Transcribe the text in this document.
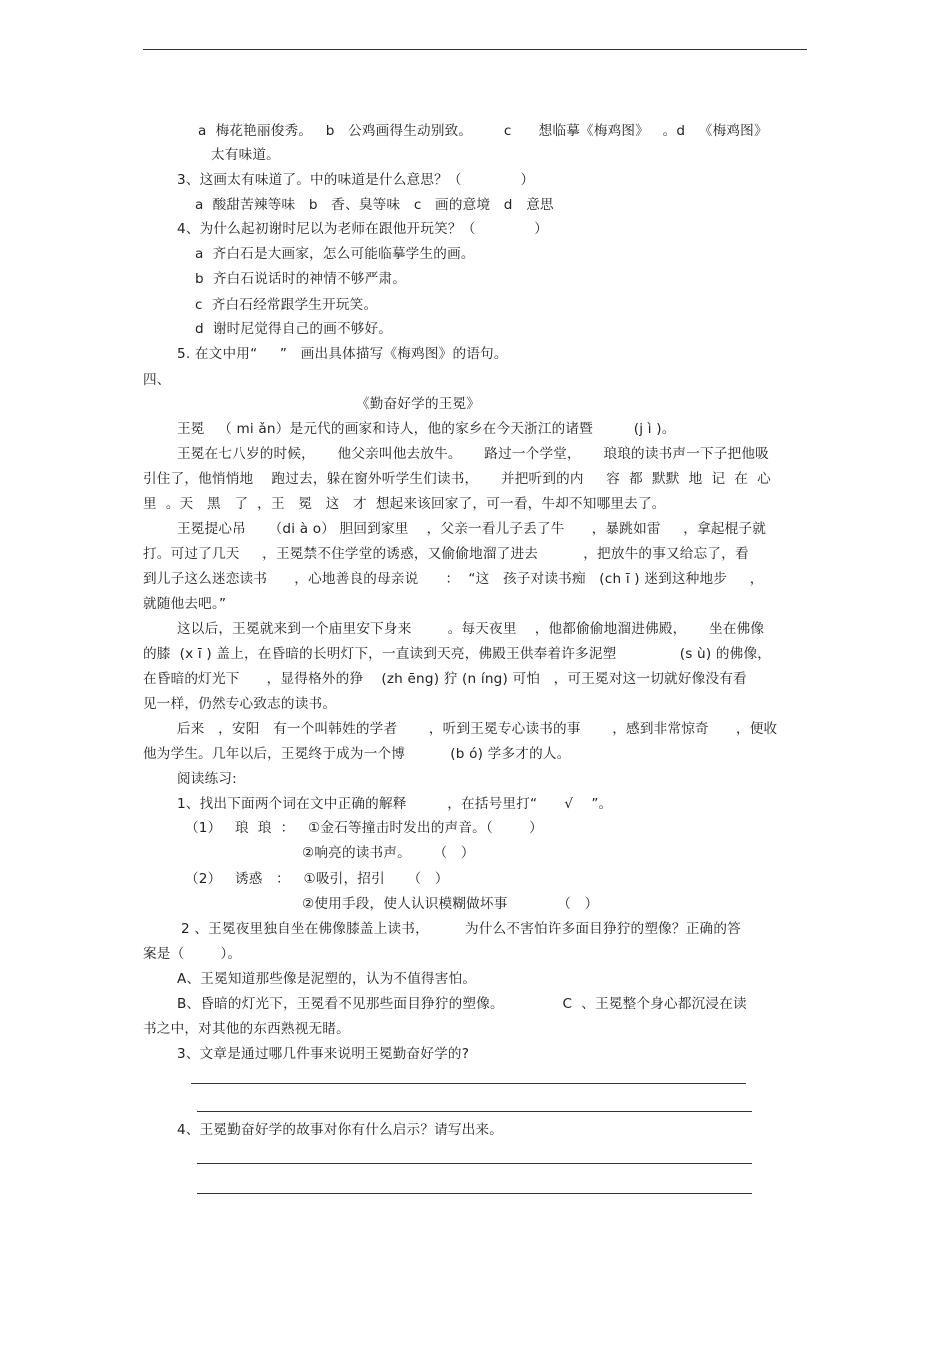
a  梅花艳丽俊秀。   b   公鸡画得生动别致。       c      想临摹《梅鸡图》   。d   《梅鸡图》
太有味道。
3、这画太有味道了。中的味道是什么意思？（             ）
a  酸甜苦辣等味   b   香、臭等味   c   画的意境   d   意思
4、为什么起初谢时尼以为老师在跟他开玩笑？（             ）
a  齐白石是大画家，怎么可能临摹学生的画。
b  齐白石说话时的神情不够严肃。
c  齐白石经常跟学生开玩笑。
d  谢时尼觉得自己的画不够好。
5. 在文中用“     ”   画出具体描写《梅鸡图》的语句。
四、
《勤奋好学的王冕》
王冕   （ mi ǎn）是元代的画家和诗人，他的家乡在今天浙江的诸暨         (j ì )。
王冕在七八岁的时候，     他父亲叫他去放牛。     路过一个学堂，     琅琅的读书声一下子把他吸
引住了，他悄悄地    跑过去，躲在窗外听学生们读书，     并把听到的内     容  都  默默  地  记  在  心
里  。天   黑   了  ，王   冕   这   才  想起来该回家了，可一看，牛却不知哪里去了。
王冕提心吊     （di à o） 胆回到家里    ，父亲一看儿子丢了牛      ，暴跳如雷     ，拿起棍子就
打。可过了几天     ，王冕禁不住学堂的诱惑，又偷偷地溜了进去          ，把放牛的事又给忘了，看
到儿子这么迷恋读书      ，心地善良的母亲说      ：  “这   孩子对读书痴   (ch ī ) 迷到这种地步     ，
就随他去吧。”
这以后，王冕就来到一个庙里安下身来        。每天夜里    ，他都偷偷地溜进佛殿，     坐在佛像
的膝  (x ī ) 盖上，在昏暗的长明灯下，一直读到天亮，佛殿王供奉着许多泥塑              (s ù) 的佛像，
在昏暗的灯光下      ，显得格外的狰    (zh ēng) 狞 (n íng) 可怕   ，可王冕对这一切就好像没有看
见一样，仍然专心致志的读书。
后来   ，安阳   有一个叫韩姓的学者       ，听到王冕专心读书的事       ，感到非常惊奇      ，便收
他为学生。几年以后，王冕终于成为一个博          (b ó) 学多才的人。
阅读练习:
1、找出下面两个词在文中正确的解释         ，在括号里打“      √    ”。
（1）   琅  琅  ：   ①金石等撞击时发出的声音。（        ）
②响亮的读书声。     （   ）
（2）   诱惑   ：   ①吸引，招引     （   ）
②使用手段，使人认识模糊做坏事           （   ）
2 、王冕夜里独自坐在佛像膝盖上读书，        为什么不害怕许多面目狰狞的塑像？正确的答
案是（        ）。
A、王冕知道那些像是泥塑的，认为不值得害怕。
B、昏暗的灯光下，王冕看不见那些面目狰狞的塑像。             C  、王冕整个身心都沉浸在读
书之中，对其他的东西熟视无睹。
3、文章是通过哪几件事来说明王冕勤奋好学的?
4、王冕勤奋好学的故事对你有什么启示？请写出来。
